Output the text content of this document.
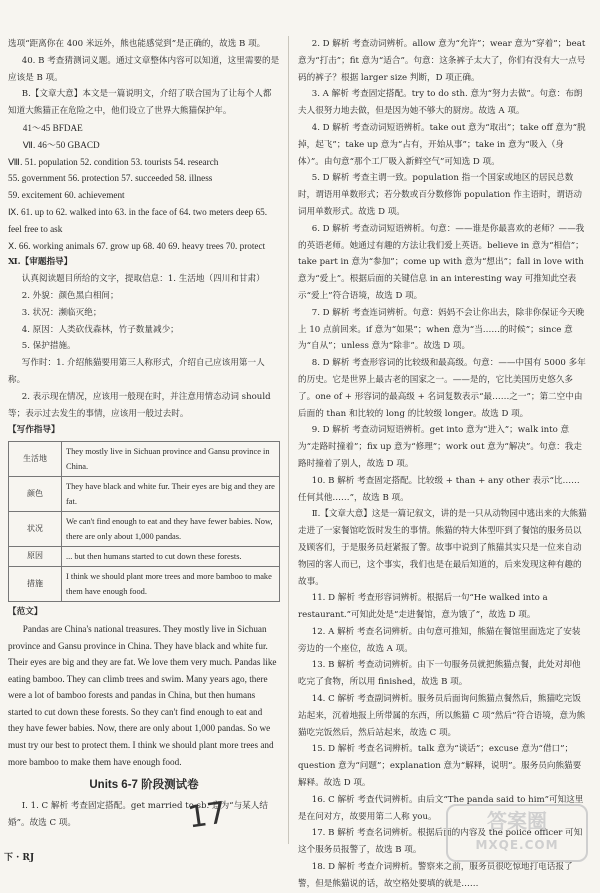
选项“距离你在 400 米远外，熊也能感觉到”是正确的，故选 B 项。

40. B 考查猜测词义题。通过文章整体内容可以知道，这里需要的是应该是 B 项。

B.【文章大意】本文是一篇说明文，介绍了联合国为了让每个人都知道大熊猫正在危险之中，他们设立了世界大熊猫保护年。

41～45 BFDAE

Ⅶ. 46～50 GBACD

Ⅷ. 51. population 52. condition 53. tourists 54. research

55. government 56. protection 57. succeeded 58. illness

59. excitement 60. achievement

Ⅸ. 61. up to 62. walked into 63. in the face of 64. two meters deep 65. feel free to ask

Ⅹ. 66. working animals 67. grow up 68. 40 69. heavy trees 70. protect

Ⅺ.【审题指导】

认真阅读题目所给的文字，提取信息：1. 生活地（四川和甘肃）

2. 外貌：颜色黑白相间；

3. 状况：濒临灭绝；

4. 原因：人类砍伐森林，竹子数量减少；

5. 保护措施。

写作时：1. 介绍熊猫要用第三人称形式，介绍自己应该用第一人称。

2. 表示现在情况，应该用一般现在时，并注意用情态动词 should 等；表示过去发生的事情，应该用一般过去时。

【写作指导】

生活地
They mostly live in Sichuan province and Gansu province in China.
颜色
They have black and white fur. Their eyes are big and they are fat.
状况
We can't find enough to eat and they have fewer babies. Now, there are only about 1,000 pandas.
原因	... but then humans started to cut down these forests.
措施
I think we should plant more trees and more bamboo to make them have enough food.

【范文】

Pandas are China's national treasures. They mostly live in Sichuan province and Gansu province in China. They have black and white fur. Their eyes are big and they are fat. We love them very much. Pandas like eating bamboo. They can climb trees and swim. Many years ago, there were a lot of bamboo forests and pandas in China, but then humans started to cut down these forests. So they can't find enough to eat and they have fewer babies. Now, there are only about 1,000 pandas. So we must try our best to protect them. I think we should plant more trees and more bamboo to make them have enough food.

Units 6-7 阶段测试卷

Ⅰ. 1. C 解析 考查固定搭配。get married to sb. 意为“与某人结婚”。故选 C 项。

2. D 解析 考查动词辨析。allow 意为“允许”；wear 意为“穿着”；beat 意为“打击”；fit 意为“适合”。句意：这条裤子太大了，你们有没有大一点号码的裤子？根据 larger size 判断，D 项正确。

3. A 解析 考查固定搭配。try to do sth. 意为“努力去做”。句意：布朗夫人很努力地去做，但是因为她不够大的厨房。故选 A 项。

4. D 解析 考查动词短语辨析。take out 意为“取出”；take off 意为“脱掉，起飞”；take up 意为“占有，开始从事”；take in 意为“吸入（身体）”。由句意“那个工厂吸入新鲜空气”可知选 D 项。

5. D 解析 考查主谓一致。population 指一个国家或地区的居民总数时，谓语用单数形式；若分数或百分数修饰 population 作主语时，谓语动词用单数形式。故选 D 项。

6. D 解析 考查动词短语辨析。句意：——谁是你最喜欢的老师？——我的英语老师。她通过有趣的方法让我们爱上英语。believe in 意为“相信”；take part in 意为“参加”；come up with 意为“想出”；fall in love with 意为“爱上”。根据后面的关键信息 in an interesting way 可推知此空表示“爱上”符合语境，故选 D 项。

7. D 解析 考查连词辨析。句意：妈妈不会让你出去，除非你保证今天晚上 10 点前回来。if 意为“如果”；when 意为“当……的时候”；since 意为“自从”；unless 意为“除非”。故选 D 项。

8. D 解析 考查形容词的比较级和最高级。句意：——中国有 5000 多年的历史。它是世界上最古老的国家之一。——是的，它比美国历史悠久多了。one of + 形容词的最高级 + 名词复数表示“最……之一”；第二空中由后面的 than 和比较的 long 的比较级 longer。故选 D 项。

9. D 解析 考查动词短语辨析。get into 意为“进入”；walk into 意为“走路时撞着”；fix up 意为“修理”；work out 意为“解决”。句意：我走路时撞着了别人，故选 D 项。

10. B 解析 考查固定搭配。比较级 + than + any other 表示“比……任何其他……”，故选 B 项。

Ⅱ.【文章大意】这是一篇记叙文，讲的是一只从动物园中逃出来的大熊猫走进了一家餐馆吃饭时发生的事情。熊猫的特大体型吓到了餐馆的服务员以及顾客们，于是服务员赶紧报了警。故事中说到了熊猫其实只是一位来自动物园的客人而已，这个事实，我们也是在最后知道的，后来发现这种有趣的故事。

11. D 解析 考查形容词辨析。根据后一句“He walked into a restaurant.”可知此处是“走进餐馆，意为饿了”，故选 D 项。

12. A 解析 考查名词辨析。由句意可推知，熊猫在餐馆里面选定了安装旁边的一个座位，故选 A 项。

13. B 解析 考查动词辨析。由下一句服务员就把熊猫点餐，此处对却他吃完了食物，所以用 finished，故选 B 项。

14. C 解析 考查副词辨析。服务员后面询问熊猫点餐然后，熊猫吃完饭站起来，沉着地报上所带属的东西，所以熊猫 C 项“然后”符合语境，意为熊猫吃完饭然后，然后站起来，故选 C 项。

15. D 解析 考查名词辨析。talk 意为“谈话”；excuse 意为“借口”；question 意为“问题”；explanation 意为“解释，说明”。服务员向熊猫要解释。故选 D 项。

16. C 解析 考查代词辨析。由后文“The panda said to him”可知这里是在问对方，故要用第二人称 you。

17. B 解析 考查名词辨析。根据后面的内容及 the police officer 可知这个服务员报警了，故选 B 项。

18. D 解析 考查介词辨析。警察来之前，服务员很吃惊地打电话报了警，但是熊猫说的话，故空格处要填的就是……

17
下 · RJ
答案圈
MXQE.COM
